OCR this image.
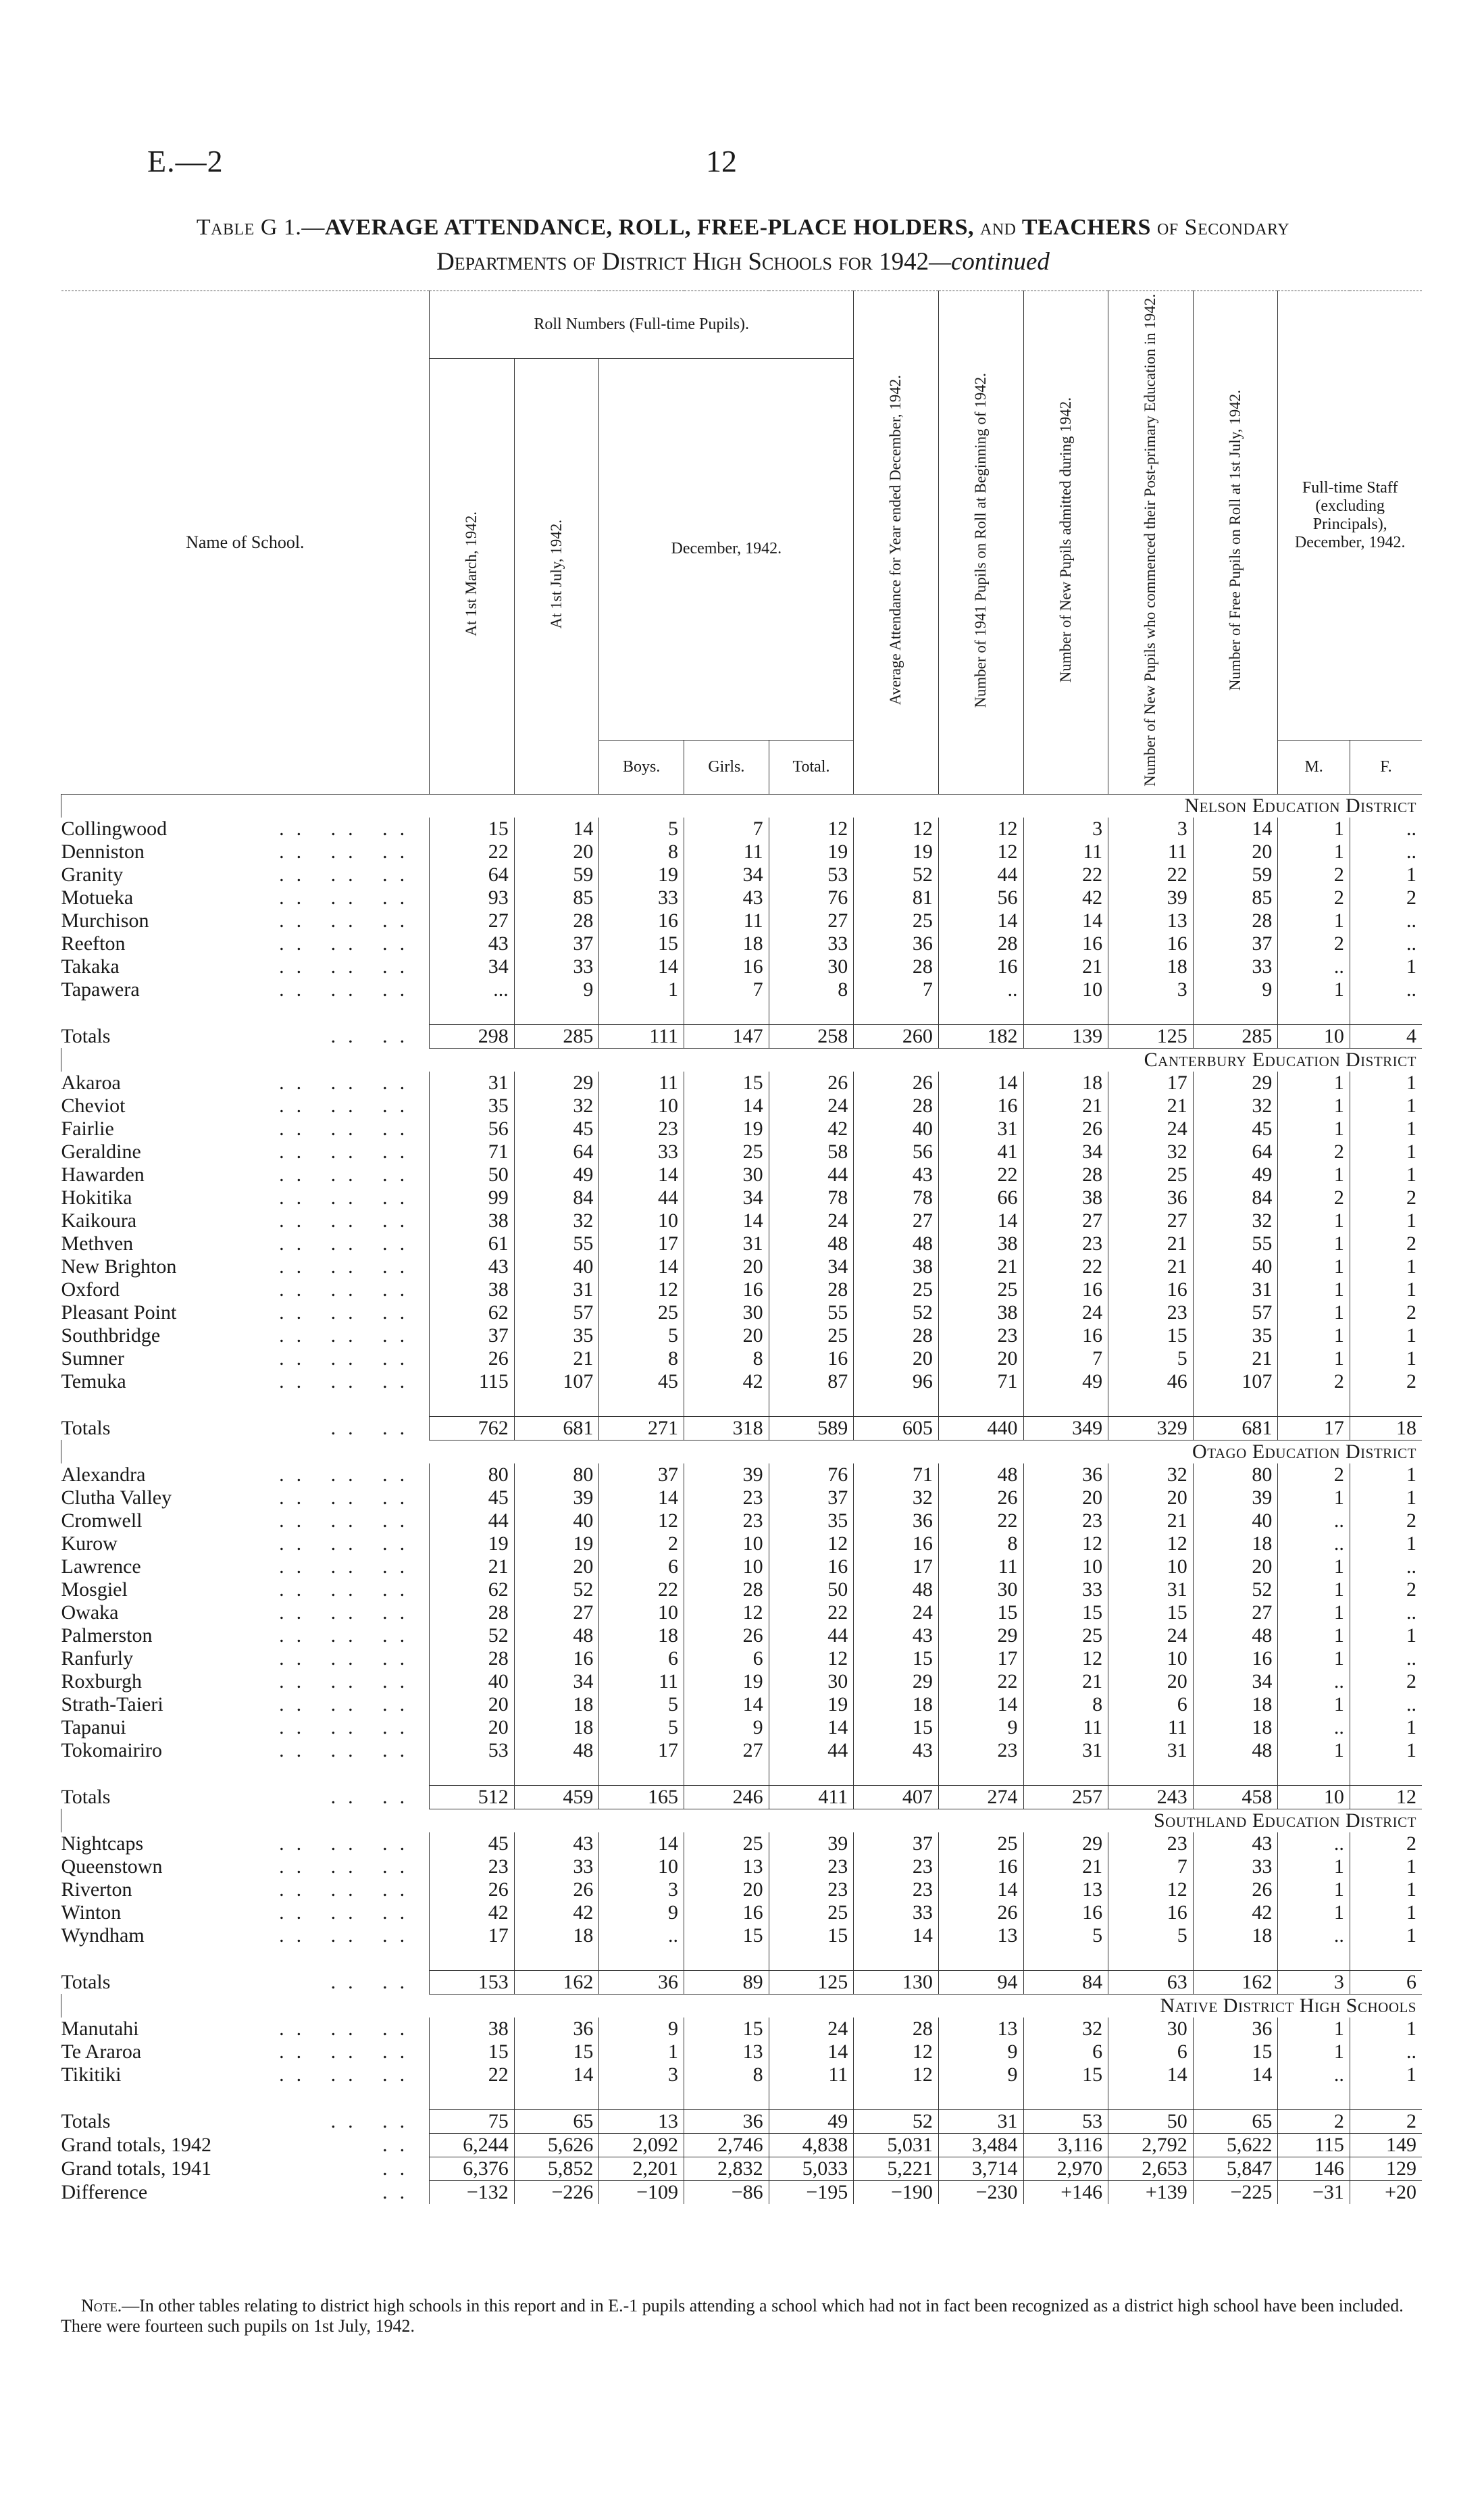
E.—2	12
Table G 1.—AVERAGE ATTENDANCE, ROLL, FREE-PLACE HOLDERS, and TEACHERS of Secondary
Departments of District High Schools for 1942—continued
Name of School.	Roll Numbers (Full-time Pupils).					Average Attendance for Year ended December, 1942.	Number of 1941 Pupils on Roll at Beginning of 1942.	Number of New Pupils admitted during 1942.	Number of New Pupils who commenced their Post-primary Education in 1942.	Number of Free Pupils on Roll at 1st July, 1942.	Full-time Staff (excluding Principals), December, 1942.	
	At 1st March, 1942.	At 1st July, 1942.	December, 1942.									
			Boys.	Girls.	Total.						M.	F.
Nelson Education District												
Collingwood .. .. ..	15	14	5	7	12	12	12	3	3	14	1	..
Denniston .. .. ..	22	20	8	11	19	19	12	11	11	20	1	..
Granity .. .. ..	64	59	19	34	53	52	44	22	22	59	2	1
Motueka .. .. ..	93	85	33	43	76	81	56	42	39	85	2	2
Murchison .. .. ..	27	28	16	11	27	25	14	14	13	28	1	..
Reefton .. .. ..	43	37	15	18	33	36	28	16	16	37	2	..
Takaka .. .. ..	34	33	14	16	30	28	16	21	18	33	..	1
Tapawera .. .. ..	...	9	1	7	8	7	..	10	3	9	1	..

Totals .. ..	298	285	111	147	258	260	182	139	125	285	10	4
Canterbury Education District												
Akaroa .. .. ..	31	29	11	15	26	26	14	18	17	29	1	1
Cheviot .. .. ..	35	32	10	14	24	28	16	21	21	32	1	1
Fairlie .. .. ..	56	45	23	19	42	40	31	26	24	45	1	1
Geraldine .. .. ..	71	64	33	25	58	56	41	34	32	64	2	1
Hawarden .. .. ..	50	49	14	30	44	43	22	28	25	49	1	1
Hokitika .. .. ..	99	84	44	34	78	78	66	38	36	84	2	2
Kaikoura .. .. ..	38	32	10	14	24	27	14	27	27	32	1	1
Methven .. .. ..	61	55	17	31	48	48	38	23	21	55	1	2
New Brighton .. .. ..	43	40	14	20	34	38	21	22	21	40	1	1
Oxford .. .. ..	38	31	12	16	28	25	25	16	16	31	1	1
Pleasant Point .. .. ..	62	57	25	30	55	52	38	24	23	57	1	2
Southbridge .. .. ..	37	35	5	20	25	28	23	16	15	35	1	1
Sumner .. .. ..	26	21	8	8	16	20	20	7	5	21	1	1
Temuka .. .. ..	115	107	45	42	87	96	71	49	46	107	2	2

Totals .. ..	762	681	271	318	589	605	440	349	329	681	17	18
Otago Education District												
Alexandra .. .. ..	80	80	37	39	76	71	48	36	32	80	2	1
Clutha Valley .. .. ..	45	39	14	23	37	32	26	20	20	39	1	1
Cromwell .. .. ..	44	40	12	23	35	36	22	23	21	40	..	2
Kurow .. .. ..	19	19	2	10	12	16	8	12	12	18	..	1
Lawrence .. .. ..	21	20	6	10	16	17	11	10	10	20	1	..
Mosgiel .. .. ..	62	52	22	28	50	48	30	33	31	52	1	2
Owaka .. .. ..	28	27	10	12	22	24	15	15	15	27	1	..
Palmerston .. .. ..	52	48	18	26	44	43	29	25	24	48	1	1
Ranfurly .. .. ..	28	16	6	6	12	15	17	12	10	16	1	..
Roxburgh .. .. ..	40	34	11	19	30	29	22	21	20	34	..	2
Strath-Taieri .. .. ..	20	18	5	14	19	18	14	8	6	18	1	..
Tapanui .. .. ..	20	18	5	9	14	15	9	11	11	18	..	1
Tokomairiro .. .. ..	53	48	17	27	44	43	23	31	31	48	1	1

Totals .. ..	512	459	165	246	411	407	274	257	243	458	10	12
Southland Education District												
Nightcaps .. .. ..	45	43	14	25	39	37	25	29	23	43	..	2
Queenstown .. .. ..	23	33	10	13	23	23	16	21	7	33	1	1
Riverton .. .. ..	26	26	3	20	23	23	14	13	12	26	1	1
Winton .. .. ..	42	42	9	16	25	33	26	16	16	42	1	1
Wyndham .. .. ..	17	18	..	15	15	14	13	5	5	18	..	1

Totals .. ..	153	162	36	89	125	130	94	84	63	162	3	6
Native District High Schools												
Manutahi .. .. ..	38	36	9	15	24	28	13	32	30	36	1	1
Te Araroa .. .. ..	15	15	1	13	14	12	9	6	6	15	1	..
Tikitiki .. .. ..	22	14	3	8	11	12	9	15	14	14	..	1

Totals .. ..	75	65	13	36	49	52	31	53	50	65	2	2
Grand totals, 1942 ..	6,244	5,626	2,092	2,746	4,838	5,031	3,484	3,116	2,792	5,622	115	149
Grand totals, 1941 ..	6,376	5,852	2,201	2,832	5,033	5,221	3,714	2,970	2,653	5,847	146	129
Difference ..	−132	−226	−109	−86	−195	−190	−230	+146	+139	−225	−31	+20
Note.—In other tables relating to district high schools in this report and in E.-1 pupils attending a school which had not in fact been recognized as a district high school have been included. There were fourteen such pupils on 1st July, 1942.
